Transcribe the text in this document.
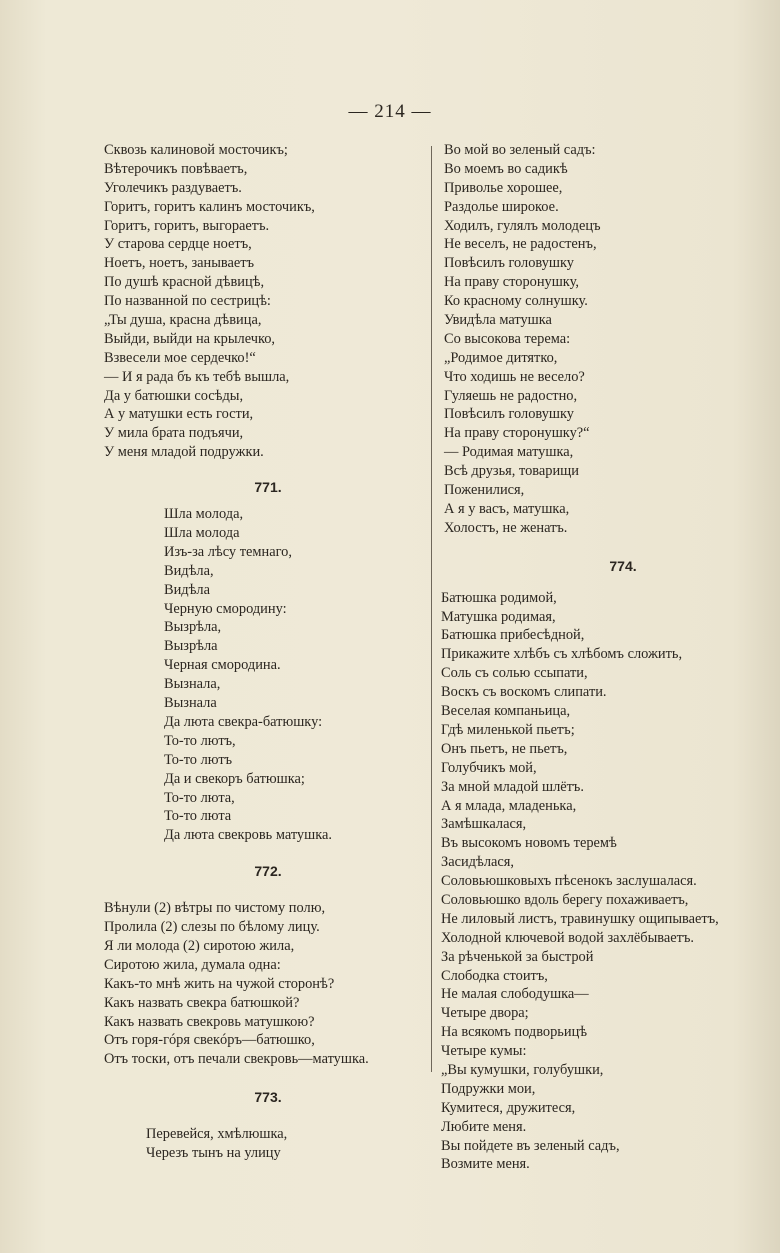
— 214 —
Сквозь калиновой мосточикъ;
Вѣтерочикъ повѣваетъ,
Уголечикъ раздуваетъ.
Горитъ, горитъ калинъ мосточикъ,
Горитъ, горитъ, выгораетъ.
У старова сердце ноетъ,
Ноетъ, ноетъ, занываетъ
По душѣ красной дѣвицѣ,
По названной по сестрицѣ:
„Ты душа, красна дѣвица,
Выйди, выйди на крылечко,
Взвесели мое сердечко!“
— И я рада бъ къ тебѣ вышла,
Да у батюшки сосѣды,
А у матушки есть гости,
У мила брата подъячи,
У меня младой подружки.
771.
Шла молода,
Шла молода
Изъ-за лѣсу темнаго,
Видѣла,
Видѣла
Черную смородину:
Вызрѣла,
Вызрѣла
Черная смородина.
Вызнала,
Вызнала
Да люта свекра-батюшку:
То-то лютъ,
То-то лютъ
Да и свекоръ батюшка;
То-то люта,
То-то люта
Да люта свекровь матушка.
772.
Вѣнули (2) вѣтры по чистому полю,
Пролила (2) слезы по бѣлому лицу.
Я ли молода (2) сиротою жила,
Сиротою жила, думала одна:
Какъ-то мнѣ жить на чужой сторонѣ?
Какъ назвать свекра батюшкой?
Какъ назвать свекровь матушкою?
Отъ горя-гóря свекóръ—батюшко,
Отъ тоски, отъ печали свекровь—матушка.
773.
Перевейся, хмѣлюшка,
Черезъ тынъ на улицу
Во мой во зеленый садъ:
Во моемъ во садикѣ
Приволье хорошее,
Раздолье широкое.
Ходилъ, гулялъ молодецъ
Не веселъ, не радостенъ,
Повѣсилъ головушку
На праву сторонушку,
Ко красному солнушку.
Увидѣла матушка
Со высокова терема:
„Родимое дитятко,
Что ходишь не весело?
Гуляешь не радостно,
Повѣсилъ головушку
На праву сторонушку?“
— Родимая матушка,
Всѣ друзья, товарищи
Поженилися,
А я у васъ, матушка,
Холостъ, не женатъ.
774.
Батюшка родимой,
Матушка родимая,
Батюшка прибесѣдной,
Прикажите хлѣбъ съ хлѣбомъ сложить,
Соль съ солью ссыпати,
Воскъ съ воскомъ слипати.
Веселая компаньица,
Гдѣ миленькой пьетъ;
Онъ пьетъ, не пьетъ,
Голубчикъ мой,
За мной младой шлётъ.
А я млада, младенька,
Замѣшкалася,
Въ высокомъ новомъ теремѣ
Засидѣлася,
Соловьюшковыхъ пѣсенокъ заслушалася.
Соловьюшко вдоль берегу похаживаетъ,
Не лиловый листъ, травинушку ощипываетъ,
Холодной ключевой водой захлёбываетъ.
За рѣченькой за быстрой
Слободка стоитъ,
Не малая слободушка—
Четыре двора;
На всякомъ подворьицѣ
Четыре кумы:
„Вы кумушки, голубушки,
Подружки мои,
Кумитеся, дружитеся,
Любите меня.
Вы пойдете въ зеленый садъ,
Возмите меня.
